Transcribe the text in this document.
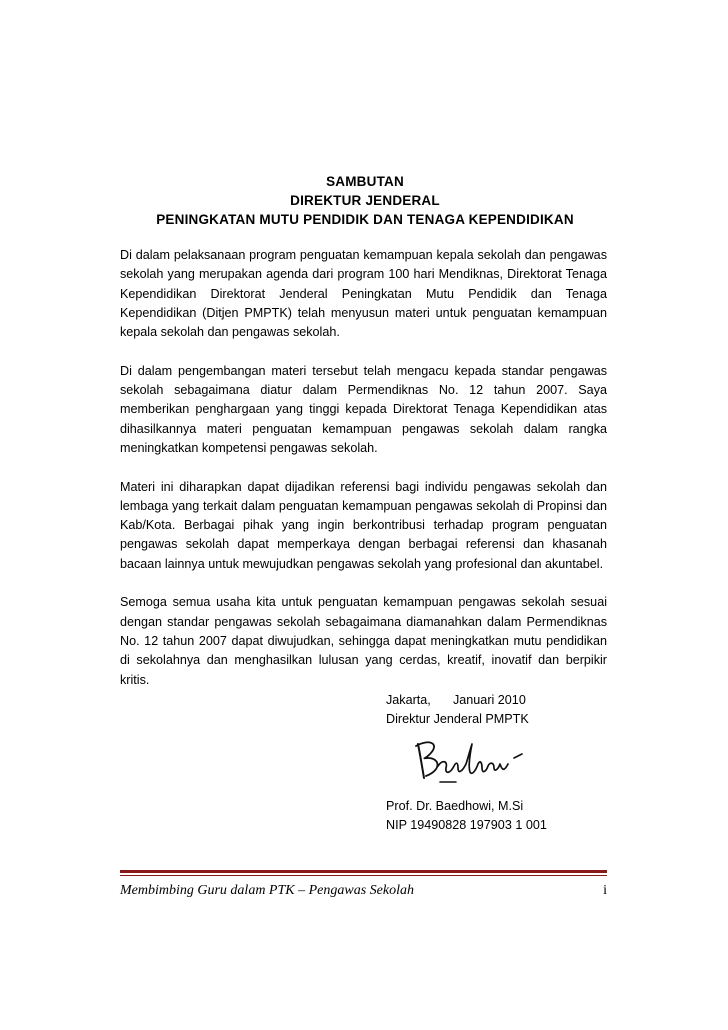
SAMBUTAN
DIREKTUR JENDERAL
PENINGKATAN MUTU PENDIDIK DAN TENAGA KEPENDIDIKAN

Di dalam pelaksanaan program penguatan kemampuan kepala sekolah dan pengawas sekolah yang merupakan agenda dari program 100 hari Mendiknas, Direktorat Tenaga Kependidikan Direktorat Jenderal Peningkatan Mutu Pendidik dan Tenaga Kependidikan (Ditjen PMPTK) telah menyusun materi untuk penguatan kemampuan kepala sekolah dan pengawas sekolah.

Di dalam pengembangan materi tersebut telah mengacu kepada standar pengawas sekolah sebagaimana diatur dalam Permendiknas No. 12 tahun 2007. Saya memberikan penghargaan yang tinggi kepada Direktorat Tenaga Kependidikan atas dihasilkannya materi penguatan kemampuan pengawas sekolah dalam rangka meningkatkan kompetensi pengawas sekolah.

Materi ini diharapkan dapat dijadikan referensi bagi individu pengawas sekolah dan lembaga yang terkait dalam penguatan kemampuan pengawas sekolah di Propinsi dan Kab/Kota. Berbagai pihak yang ingin berkontribusi terhadap program penguatan pengawas sekolah dapat memperkaya dengan berbagai referensi dan khasanah bacaan lainnya untuk mewujudkan pengawas sekolah yang profesional dan akuntabel.

Semoga semua usaha kita untuk penguatan kemampuan pengawas sekolah sesuai dengan standar pengawas sekolah sebagaimana diamanahkan dalam Permendiknas No. 12 tahun 2007 dapat diwujudkan, sehingga dapat meningkatkan mutu pendidikan di sekolahnya dan menghasilkan lulusan yang cerdas, kreatif, inovatif dan berpikir kritis.

Jakarta, Januari 2010
Direktur Jenderal PMPTK
Prof. Dr. Baedhowi, M.Si
NIP 19490828 197903 1 001
Membimbing Guru dalam PTK – Pengawas Sekolah	i
